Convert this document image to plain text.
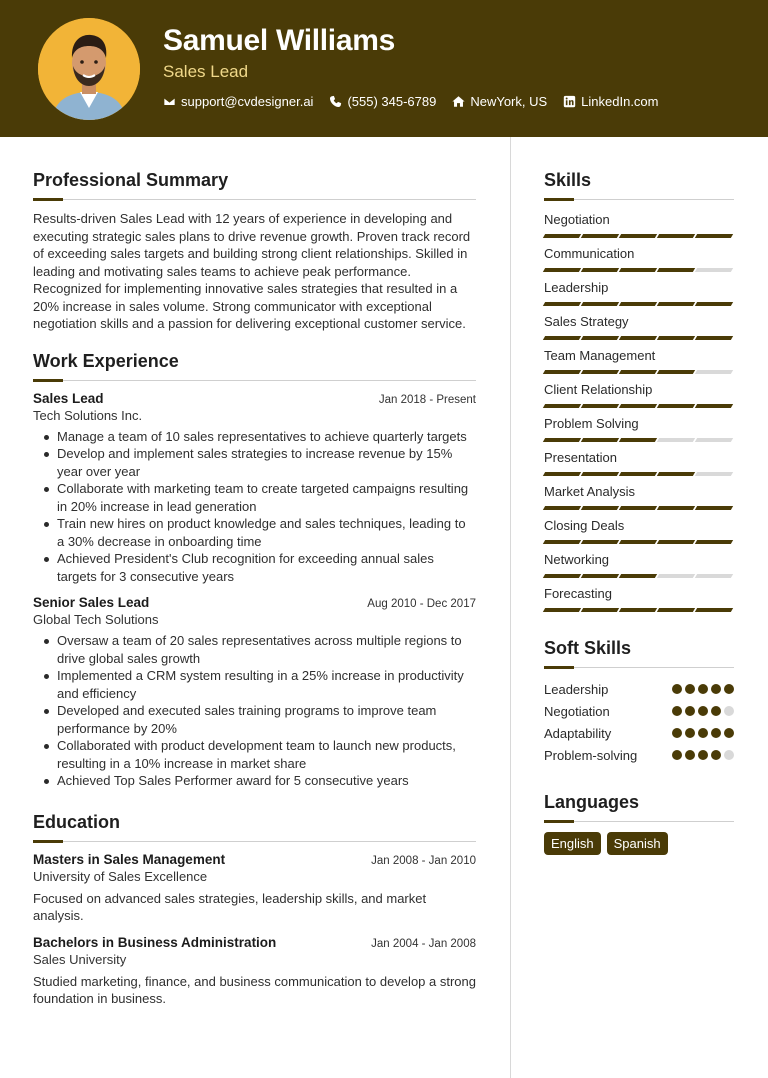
Samuel Williams
Sales Lead
support@cvdesigner.ai	(555) 345-6789	NewYork, US	LinkedIn.com
Professional Summary

Results-driven Sales Lead with 12 years of experience in developing and executing strategic sales plans to drive revenue growth. Proven track record of exceeding sales targets and building strong client relationships. Skilled in leading and motivating sales teams to achieve peak performance. Recognized for implementing innovative sales strategies that resulted in a 20% increase in sales volume. Strong communicator with exceptional negotiation skills and a passion for delivering exceptional customer service.

Work Experience
Sales Lead	Jan 2018 - Present
Tech Solutions Inc.
Manage a team of 10 sales representatives to achieve quarterly targets
Develop and implement sales strategies to increase revenue by 15% year over year
Collaborate with marketing team to create targeted campaigns resulting in 20% increase in lead generation
Train new hires on product knowledge and sales techniques, leading to a 30% decrease in onboarding time
Achieved President's Club recognition for exceeding annual sales targets for 3 consecutive years
Senior Sales Lead	Aug 2010 - Dec 2017
Global Tech Solutions
Oversaw a team of 20 sales representatives across multiple regions to drive global sales growth
Implemented a CRM system resulting in a 25% increase in productivity and efficiency
Developed and executed sales training programs to improve team performance by 20%
Collaborated with product development team to launch new products, resulting in a 10% increase in market share
Achieved Top Sales Performer award for 5 consecutive years
Education
Masters in Sales Management	Jan 2008 - Jan 2010
University of Sales Excellence

Focused on advanced sales strategies, leadership skills, and market analysis.

Bachelors in Business Administration	Jan 2004 - Jan 2008
Sales University

Studied marketing, finance, and business communication to develop a strong foundation in business.

Skills
Negotiation
Communication
Leadership
Sales Strategy
Team Management
Client Relationship
Problem Solving
Presentation
Market Analysis
Closing Deals
Networking
Forecasting
Soft Skills
Leadership
Negotiation
Adaptability
Problem-solving
Languages
English	Spanish
